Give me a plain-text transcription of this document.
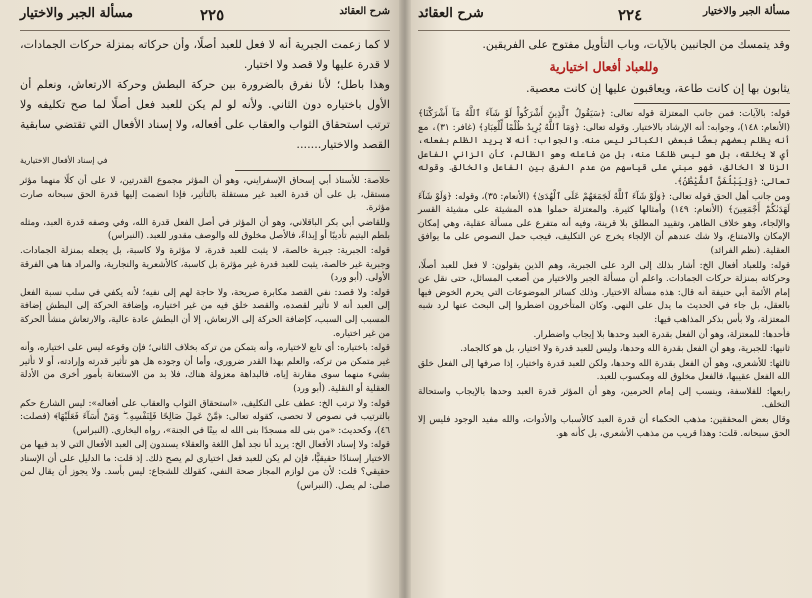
٢٢٥
مسألة الجبر والاختيار	شرح العقائد

لا كما زعمت الجبرية أنه لا فعل للعبد أصلًا، وأن حركاته بمنزلة حركات الجمادات، لا قدرة عليها ولا قصد ولا اختيار.

وهذا باطل؛ لأنا نفرق بالضرورة بين حركة البطش وحركة الارتعاش، ونعلم أن الأول باختياره دون الثاني. ولأنه لو لم يكن للعبد فعل أصلًا لما صح تكليفه ولا ترتب استحقاق الثواب والعقاب على أفعاله، ولا إسناد الأفعال التي تقتضي سابقية القصد والاختيار.......

في إسناد الأفعال الاختيارية

خلاصة: للأستاذ أبي إسحاق الإسفرايني، وهو أن المؤثر مجموع القدرتين، لا على أن كلًا منهما مؤثر مستقل، بل على أن قدرة العبد غير مستقلة بالتأثير، فإذا انضمت إليها قدرة الحق سبحانه صارت مؤثرة.

وللقاضي أبي بكر الباقلاني، وهو أن المؤثر في أصل الفعل قدرة الله، وفي وصفه قدرة العبد، ومثله بلطم اليتيم تأديبًا أو إيذاءً، فالأصل مخلوق لله والوصف مقدور للعبد. (النبراس)

قوله: الجبرية: جبرية خالصة، لا يثبت للعبد قدرة، لا مؤثرة ولا كاسبة، بل يجعله بمنزلة الجمادات. وجبرية غير خالصة، يثبت للعبد قدرة غير مؤثرة بل كاسبة، كالأشعرية والنجارية، والمراد هنا هي الفرقة الأولى. (أبو ورد)

قوله: ولا قصد: نفي القصد مكابرة صريحة، ولا حاجة لهم إلى نفيه؛ لأنه يكفي في سلب نسبة الفعل إلى العبد أنه لا تأثير لقصده، والقصد خلق فيه من غير اختياره، وإضافة الحركة إلى البطش إضافة المسبب إلى السبب، كإضافة الحركة إلى الارتعاش، إلا أن البطش عادة عالية، والارتعاش منشأ الحركة من غير اختياره.

قوله: باختياره: أي تابع لاختياره، وأنه يتمكن من تركه بخلاف الثاني؛ فإن وقوعه ليس على اختياره، وأنه غير متمكن من تركه، والعلم بهذا القدر ضروري، وأما أن وجوده هل هو تأثير قدرته وإرادته، أو لا تأثير بشيء منهما سوى مقارنة إياه، فالبداهة معزولة هناك، فلا بد من الاستعانة بأمور أخرى من الأدلة العقلية أو النقلية. (أبو ورد)

قوله: ولا ترتب الخ: عطف على التكليف، «استحقاق الثواب والعقاب على أفعاله»: ليس الشارع حكم بالترتيب في نصوص لا تحصى، كقوله تعالى: ﴿مَّنْ عَمِلَ صَالِحًا فَلِنَفْسِهِۦ ۖ وَمَنْ أَسَآءَ فَعَلَيْهَا﴾ (فصلت: ٤٦)، وكحديث: «من بنى لله مسجدًا بنى الله له بيتًا في الجنة»، رواه البخاري. (النبراس)

قوله: ولا إسناد الأفعال الخ: يريد أنا نجد أهل اللغة والعقلاء يسندون إلى العبد الأفعال التي لا بد فيها من الاختيار إسنادًا حقيقيًّا، فإن لم يكن للعبد فعل اختياري لم يصح ذلك. إذ قلت: ما الدليل على أن الإسناد حقيقي؟ قلت: لأن من لوازم المجاز صحة النفي، كقولك للشجاع: ليس بأسد. ولا يجوز أن يقال لمن صلى: لم يصل. (النبراس)

٢٢٤
شرح العقائد	مسألة الجبر والاختيار

وقد يتمسك من الجانبين بالآيات، وباب التأويل مفتوح على الفريقين.

وللعباد أفعال اختيارية

يثابون بها إن كانت طاعة، ويعاقبون عليها إن كانت معصية.

قوله: بالآيات: فمن جانب المعتزلة قوله تعالى: ﴿سَيَقُولُ ٱلَّذِينَ أَشْرَكُواْ لَوْ شَآءَ ٱللَّهُ مَآ أَشْرَكْنَا﴾ (الأنعام: ١٤٨)، وجوابه: أنه الإرشاد بالاختيار. وقوله تعالى: ﴿وَمَا ٱللَّهُ يُرِيدُ ظُلْمًا لِّلْعِبَادِ﴾ (غافر: ٣١)، مع أنه يظلم بعضهم بعضًا فبعض الكبائر ليس منه. والجواب: أنه لا يريد الظلم بفعله، أي لا يخلقه، بل هو ليس ظلمًا منه، بل من فاعله وهو الظالم، كأن الزاني الفاعل الزنا لا الخالق، فهو مبني على قياسهم من عدم الفرق بين الفاعل والخالق. وقوله تعالى: ﴿وَلِيَبْلُغَنَّ ٱلشَّيْطَٰنُ﴾.

ومن جانب أهل الحق قوله تعالى: ﴿وَلَوْ شَآءَ ٱللَّهُ لَجَمَعَهُمْ عَلَى ٱلْهُدَىٰ﴾ (الأنعام: ٣٥)، وقوله: ﴿وَلَوْ شَآءَ لَهَدَىٰكُمْ أَجْمَعِينَ﴾ (الأنعام: ١٤٩) وأمثالها كثيرة. والمعتزلة حملوا هذه المشيئة على مشيئة القسر والإلجاء، وهو خلاف الظاهر، وتقييد المطلق بلا قرينة، وفيه أنه متفرع على مسألة عقلية، وهي إمكان الإمكان والامتناع، ولا شك عندهم أن الإلجاء يخرج عن التكليف، فيجب حمل النصوص على ما يوافق العقلية. (نظم الفرائد)

قوله: وللعباد أفعال الخ: أشار بذلك إلى الرد على الجبرية، وهم الذين يقولون: لا فعل للعبد أصلًا، وحركاته بمنزلة حركات الجمادات. واعلم أن مسألة الجبر والاختيار من أصعب المسائل، حتى نقل عن إمام الأئمة أبي حنيفة أنه قال: هذه مسألة الاختيار. وذلك كسائر الموضوعات التي يحرم الخوض فيها بالعقل، بل جاء في الحديث ما يدل على النهي. وكان المتأخرون اضطروا إلى البحث عنها لرد شبه المعتزلة، ولا بأس بذكر المذاهب فيها:

فأحدها: للمعتزلة، وهو أن الفعل بقدرة العبد وحدها بلا إيجاب واضطرار.

ثانيها: للجبرية، وهو أن الفعل بقدرة الله وحدها، وليس للعبد قدرة ولا اختيار، بل هو كالجماد.

ثالثها: للأشعري، وهو أن الفعل بقدرة الله وحدها، ولكن للعبد قدرة واختيار، إذا صرفها إلى الفعل خلق الله الفعل عقيبها، فالفعل مخلوق لله ومكسوب للعبد.

رابعها: للفلاسفة، وينسب إلى إمام الحرمين، وهو أن المؤثر قدرة العبد وحدها بالإيجاب واستحالة التخلف.

وقال بعض المحققين: مذهب الحكماء أن قدرة العبد كالأسباب والأدوات، والله مفيد الوجود فليس إلا الحق سبحانه. قلت: وهذا قريب من مذهب الأشعري، بل كأنه هو.
